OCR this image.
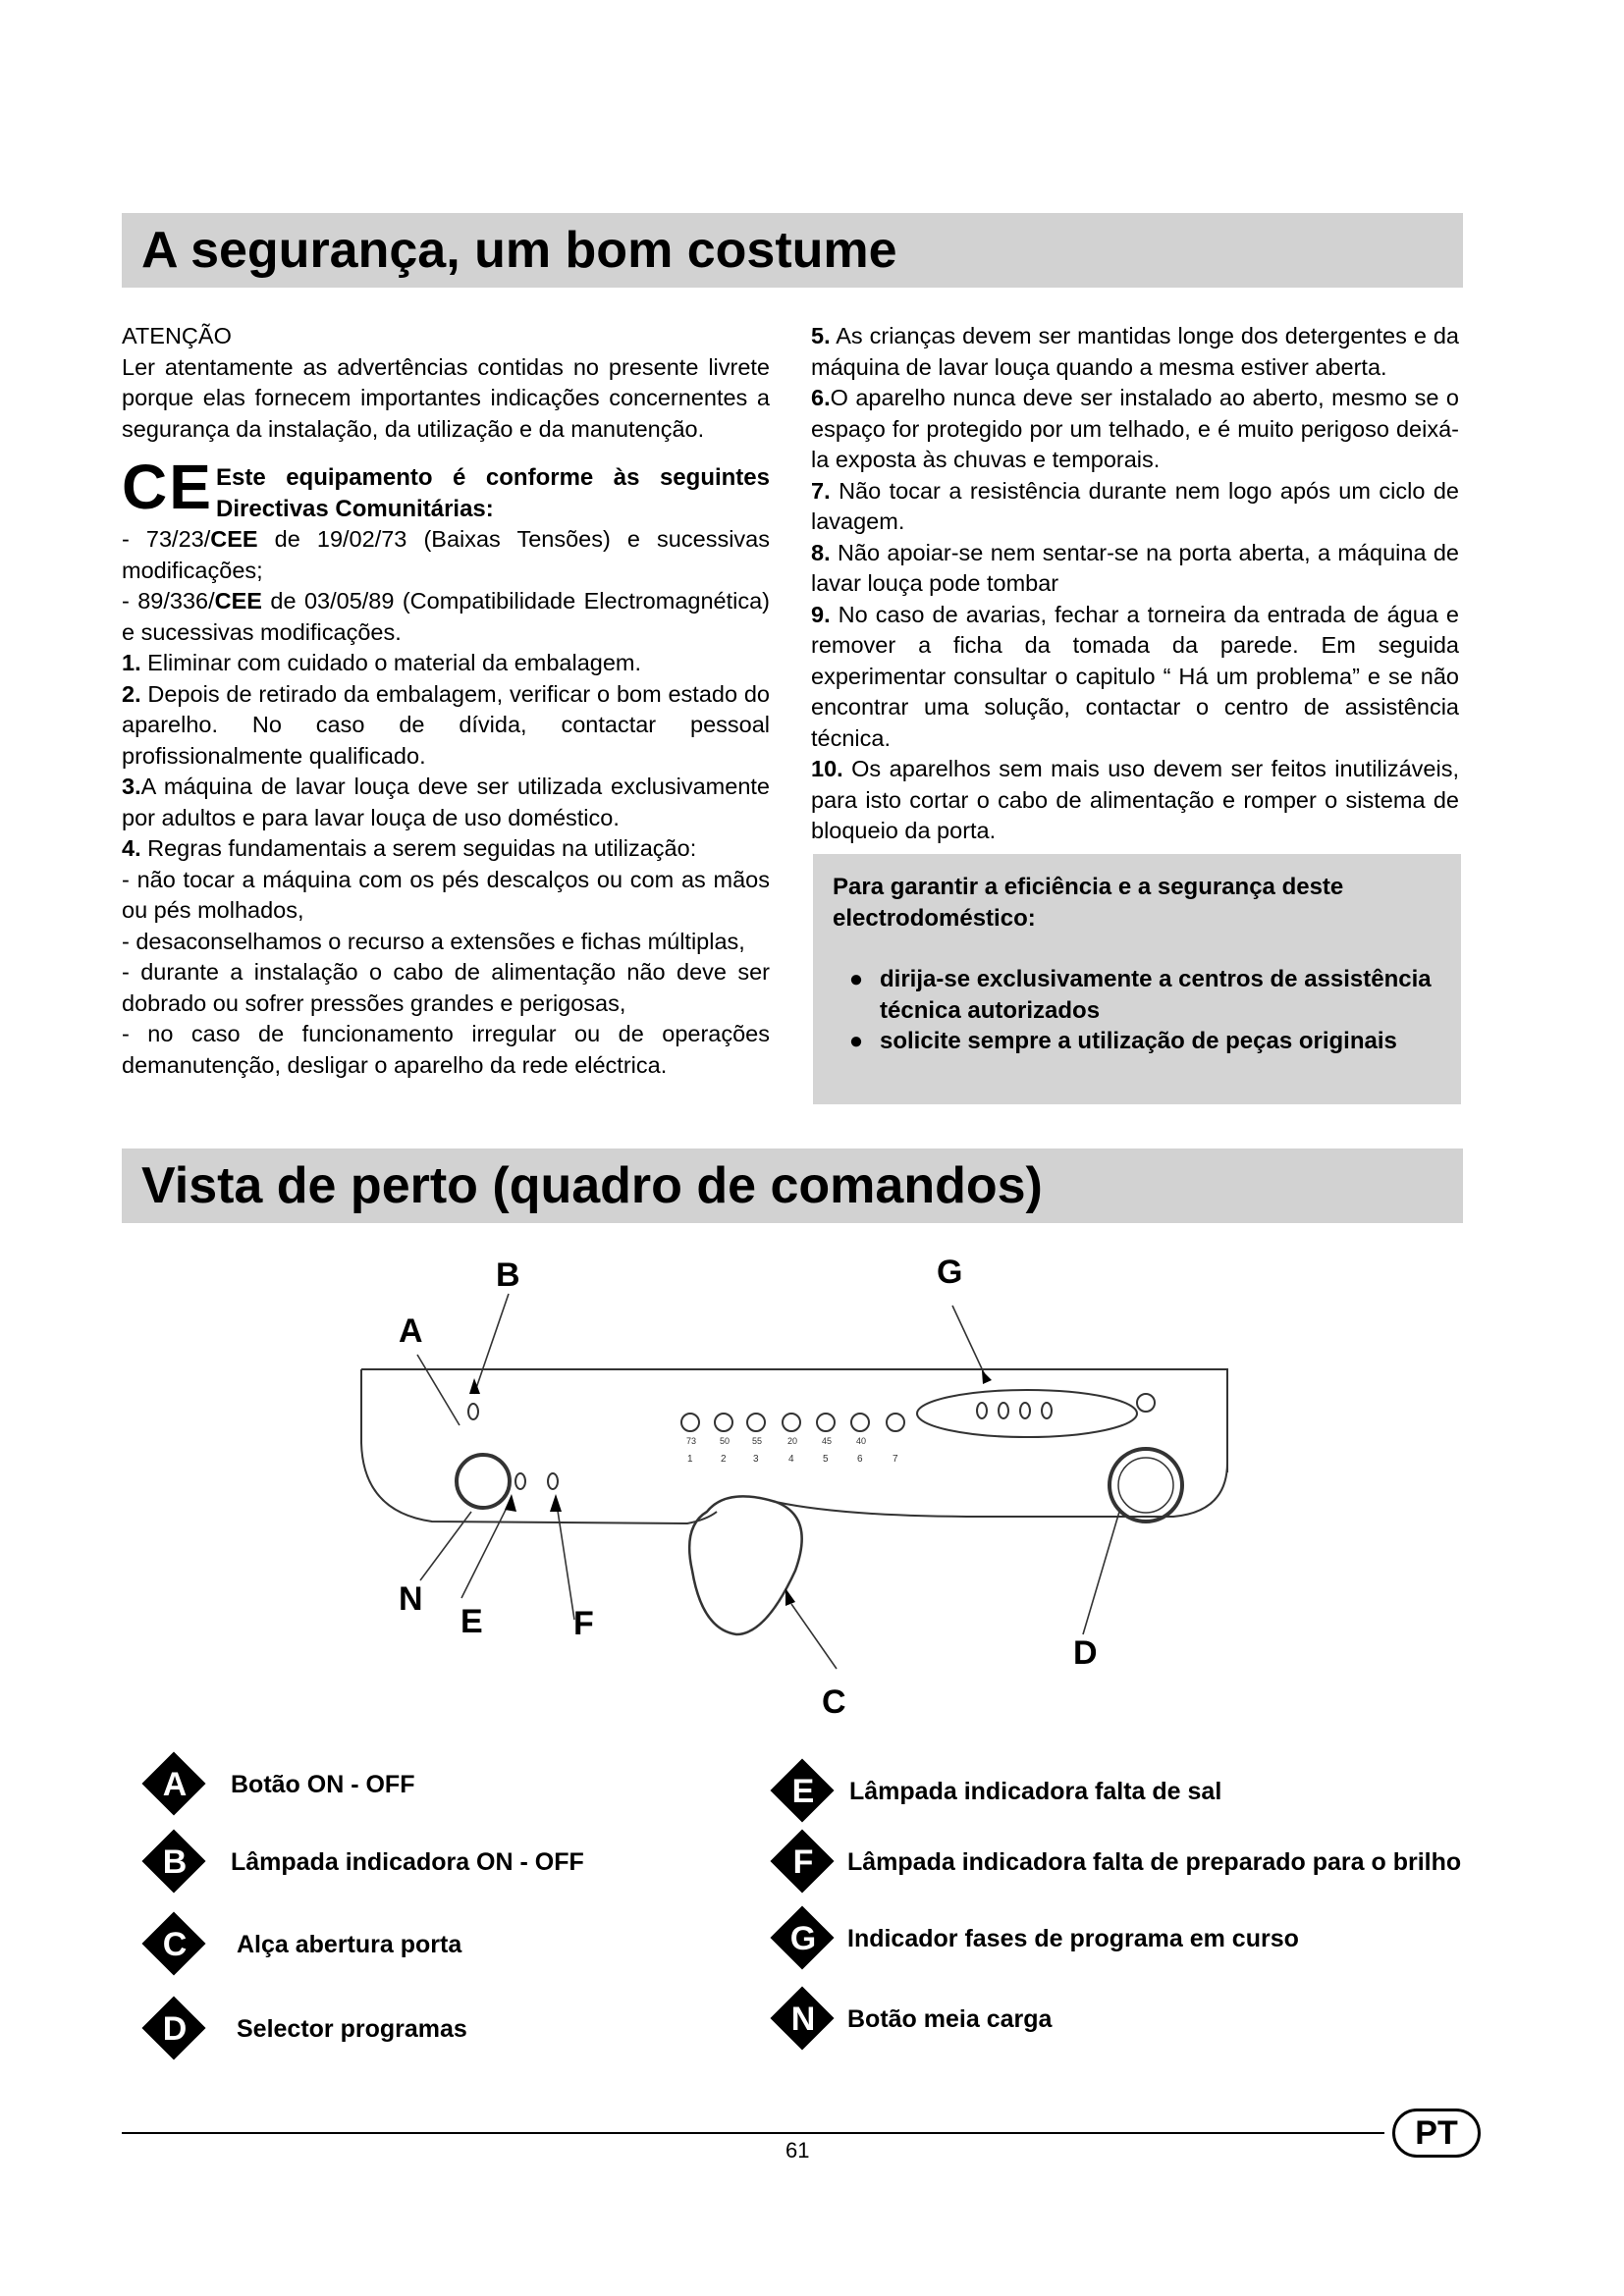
A segurança, um bom costume

ATENÇÃO

Ler atentamente as advertências contidas no presente livrete porque elas fornecem importantes indicações concernentes a segurança da instalação, da utilização e da manutenção.

CE Este equipamento é conforme às seguintes Directivas Comunitárias:

- 73/23/CEE de 19/02/73 (Baixas Tensões) e sucessivas modificações;

- 89/336/CEE de 03/05/89 (Compatibilidade Electromagnética) e sucessivas modificações.

1. Eliminar com cuidado o material da embalagem.

2. Depois de retirado da embalagem, verificar o bom estado do aparelho. No caso de dívida, contactar pessoal profissionalmente qualificado.

3.A máquina de lavar louça deve ser utilizada exclusivamente por adultos e para lavar louça de uso doméstico.

4. Regras fundamentais a serem seguidas na utilização:

- não tocar a máquina com os pés descalços ou com as mãos ou pés molhados,

- desaconselhamos o recurso a extensões e fichas múltiplas,

- durante a instalação o cabo de alimentação não deve ser dobrado ou sofrer pressões grandes e perigosas,

- no caso de funcionamento irregular ou de operações demanutenção, desligar o aparelho da rede eléctrica.

5. As crianças devem ser mantidas longe dos detergentes e da máquina de lavar louça quando a mesma estiver aberta.

6.O aparelho nunca deve ser instalado ao aberto, mesmo se o espaço for protegido por um telhado, e é muito perigoso deixá-la exposta às chuvas e temporais.

7. Não tocar a resistência durante nem logo após um ciclo de lavagem.

8. Não apoiar-se nem sentar-se na porta aberta, a máquina de lavar louça pode tombar

9. No caso de avarias, fechar a torneira da entrada de água e remover a ficha da tomada da parede. Em seguida experimentar consultar o capitulo “ Há um problema” e se não encontrar uma solução, contactar o centro de assistência técnica.

10. Os aparelhos sem mais uso devem ser feitos inutilizáveis, para isto cortar o cabo de alimentação e romper o sistema de bloqueio da porta.

Para garantir a eficiência e a segurança deste electrodoméstico:

● dirija-se exclusivamente a centros de assistência técnica autorizados
● solicite sempre a utilização de peças originais
Vista de perto (quadro de comandos)
73	50	55	20	45	40
1	2	3	4	5	6	7
B	G
A
N
E	F
D
C
A	Botão ON - OFF
B	Lâmpada indicadora ON - OFF
C	Alça abertura porta
D	Selector programas
E	Lâmpada indicadora falta de sal
F	Lâmpada indicadora falta de preparado para o brilho
G	Indicador fases de programa em curso
N	Botão meia carga
61	PT
